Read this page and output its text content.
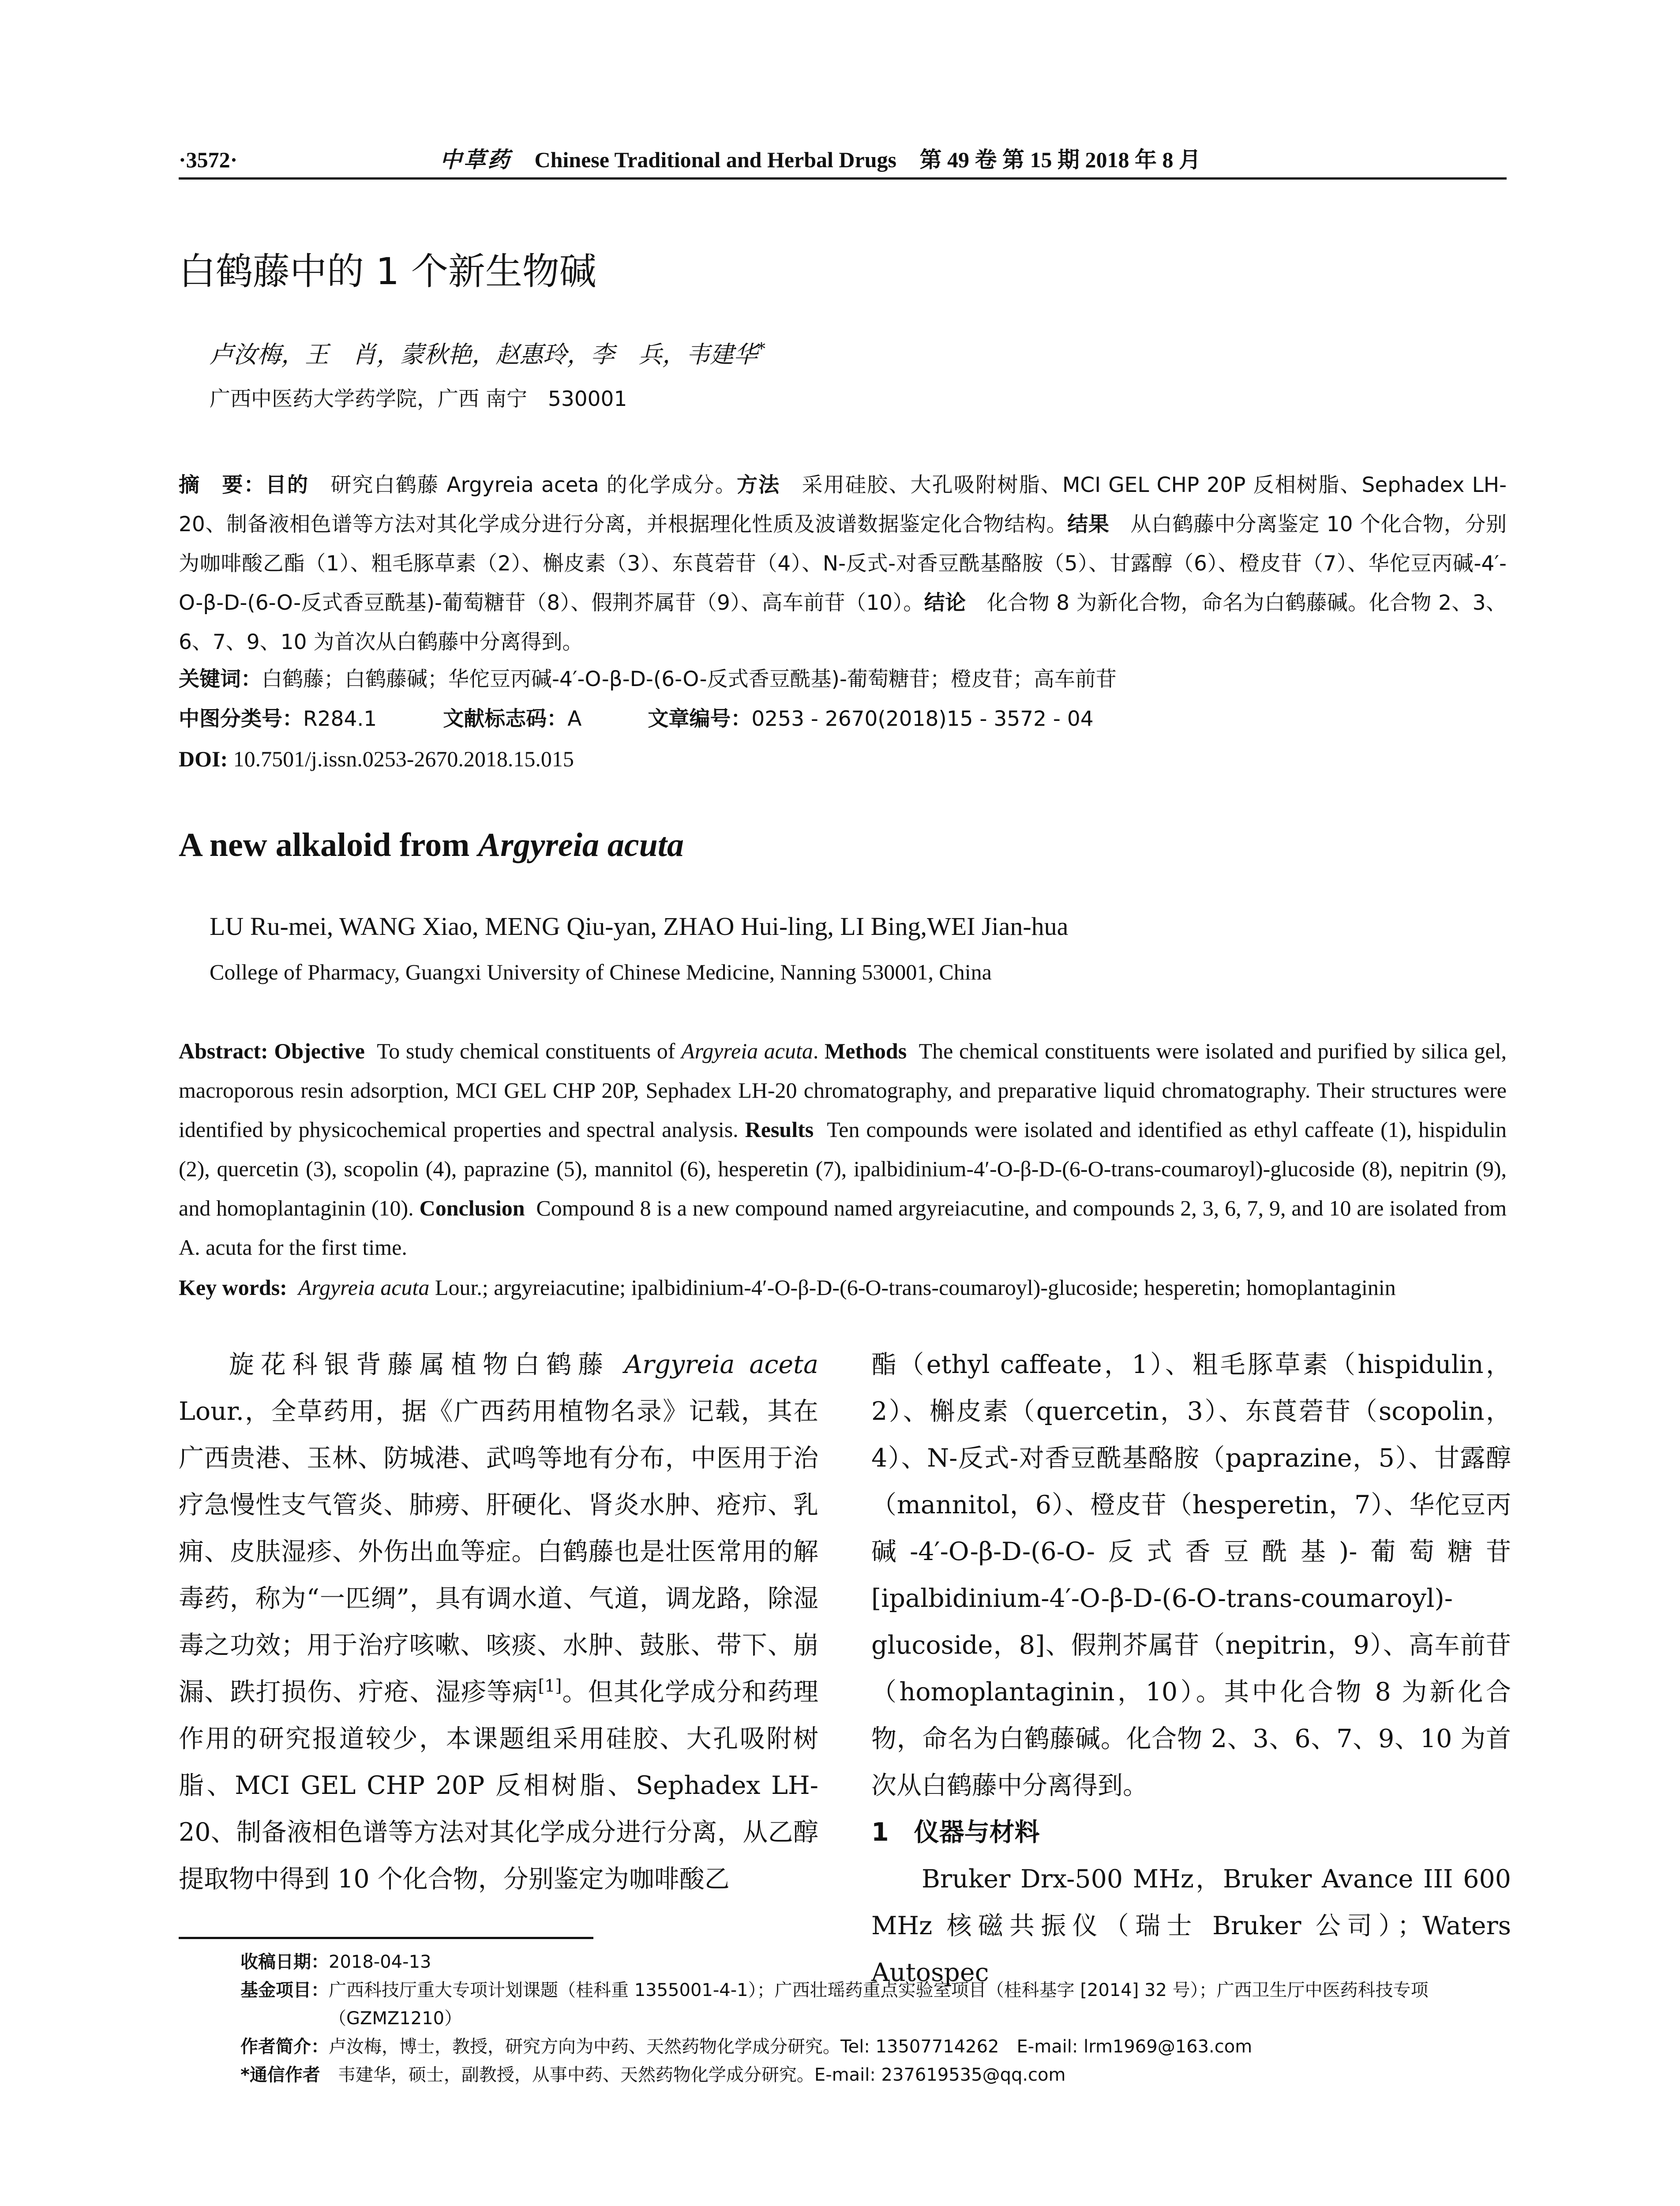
·3572·	中草药 Chinese Traditional and Herbal Drugs 第 49 卷 第 15 期 2018 年 8 月
白鹤藤中的 1 个新生物碱
卢汝梅，王　肖，蒙秋艳，赵惠玲，李　兵，韦建华*
广西中医药大学药学院，广西 南宁　530001
摘　要：目的　 研究白鹤藤 Argyreia aceta 的化学成分。方法　 采用硅胶、大孔吸附树脂、MCI GEL CHP 20P 反相树脂、Sephadex LH-20、制备液相色谱等方法对其化学成分进行分离，并根据理化性质及波谱数据鉴定化合物结构。结果　 从白鹤藤中分离鉴定 10 个化合物，分别为咖啡酸乙酯（1）、粗毛豚草素（2）、槲皮素（3）、东莨菪苷（4）、N-反式-对香豆酰基酪胺（5）、甘露醇（6）、橙皮苷（7）、华佗豆丙碱-4′-O-β-D-(6-O-反式香豆酰基)-葡萄糖苷（8）、假荆芥属苷（9）、高车前苷（10）。结论　 化合物 8 为新化合物，命名为白鹤藤碱。化合物 2、3、6、7、9、10 为首次从白鹤藤中分离得到。
关键词：白鹤藤；白鹤藤碱；华佗豆丙碱-4′-O-β-D-(6-O-反式香豆酰基)-葡萄糖苷；橙皮苷；高车前苷
中图分类号：R284.1	文献标志码：A	文章编号：0253 - 2670(2018)15 - 3572 - 04
DOI: 10.7501/j.issn.0253-2670.2018.15.015
A new alkaloid from Argyreia acuta
LU Ru-mei, WANG Xiao, MENG Qiu-yan, ZHAO Hui-ling, LI Bing,WEI Jian-hua
College of Pharmacy, Guangxi University of Chinese Medicine, Nanning 530001, China
Abstract: Objective To study chemical constituents of Argyreia acuta. Methods The chemical constituents were isolated and purified by silica gel, macroporous resin adsorption, MCI GEL CHP 20P, Sephadex LH-20 chromatography, and preparative liquid chromatography. Their structures were identified by physicochemical properties and spectral analysis. Results Ten compounds were isolated and identified as ethyl caffeate (1), hispidulin (2), quercetin (3), scopolin (4), paprazine (5), mannitol (6), hesperetin (7), ipalbidinium-4′-O-β-D-(6-O-trans-coumaroyl)-glucoside (8), nepitrin (9), and homoplantaginin (10). Conclusion Compound 8 is a new compound named argyreiacutine, and compounds 2, 3, 6, 7, 9, and 10 are isolated from A. acuta for the first time.
Key words: Argyreia acuta Lour.; argyreiacutine; ipalbidinium-4′-O-β-D-(6-O-trans-coumaroyl)-glucoside; hesperetin; homoplantaginin

旋花科银背藤属植物白鹤藤 Argyreia aceta Lour.，全草药用，据《广西药用植物名录》记载，其在广西贵港、玉林、防城港、武鸣等地有分布，中医用于治疗急慢性支气管炎、肺痨、肝硬化、肾炎水肿、疮疖、乳痈、皮肤湿疹、外伤出血等症。白鹤藤也是壮医常用的解毒药，称为“一匹绸”，具有调水道、气道，调龙路，除湿毒之功效；用于治疗咳嗽、咳痰、水肿、鼓胀、带下、崩漏、跌打损伤、疔疮、湿疹等病[1]。但其化学成分和药理作用的研究报道较少，本课题组采用硅胶、大孔吸附树脂、MCI GEL CHP 20P 反相树脂、Sephadex LH-20、制备液相色谱等方法对其化学成分进行分离，从乙醇提取物中得到 10 个化合物，分别鉴定为咖啡酸乙

酯（ethyl caffeate，1）、粗毛豚草素（hispidulin，2）、槲皮素（quercetin，3）、东莨菪苷（scopolin，4）、N-反式-对香豆酰基酪胺（paprazine，5）、甘露醇（mannitol，6）、橙皮苷（hesperetin，7）、华佗豆丙碱-4′-O-β-D-(6-O-反式香豆酰基)-葡萄糖苷 [ipalbidinium-4′-O-β-D-(6-O-trans-coumaroyl)-glucoside，8]、假荆芥属苷（nepitrin，9）、高车前苷（homoplantaginin，10）。其中化合物 8 为新化合物，命名为白鹤藤碱。化合物 2、3、6、7、9、10 为首次从白鹤藤中分离得到。

1　仪器与材料

Bruker Drx-500 MHz，Bruker Avance III 600 MHz 核磁共振仪（瑞士 Bruker 公司）；Waters Autospec

收稿日期： 2018-04-13
基金项目： 广西科技厅重大专项计划课题（桂科重 1355001-4-1）；广西壮瑶药重点实验室项目（桂科基字 [2014] 32 号）；广西卫生厅中医药科技专项（GZMZ1210）
作者简介： 卢汝梅，博士，教授，研究方向为中药、天然药物化学成分研究。Tel: 13507714262　E-mail: lrm1969@163.com
*通信作者 　韦建华，硕士，副教授，从事中药、天然药物化学成分研究。E-mail: 237619535@qq.com
